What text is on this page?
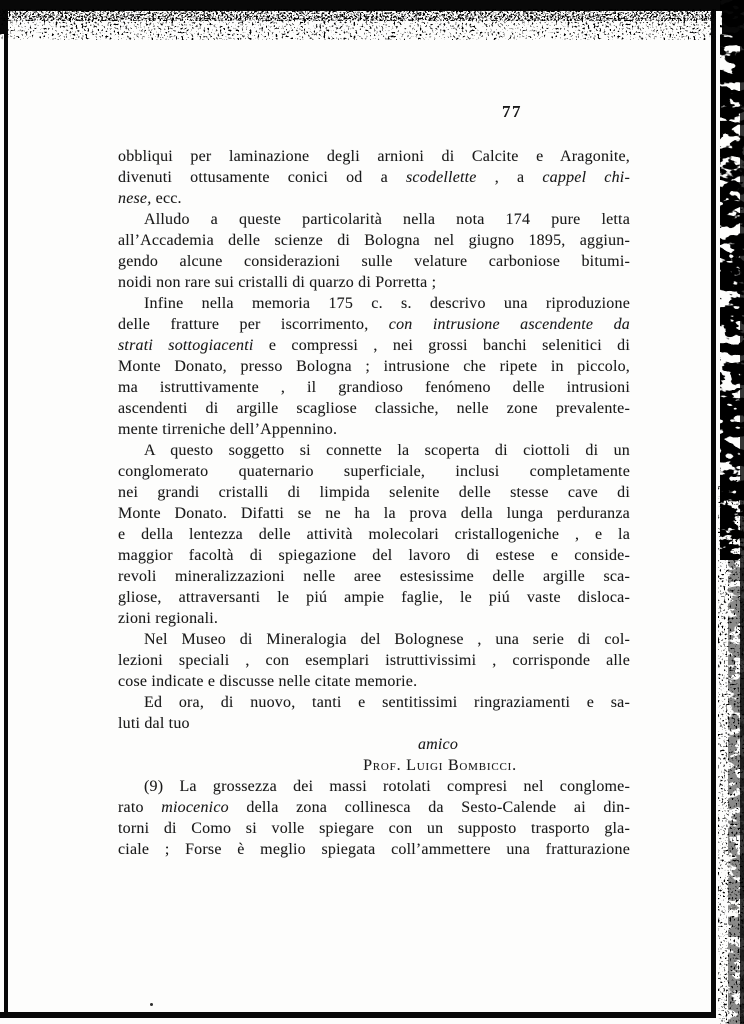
77
obbliqui per laminazione degli arnioni di Calcite e Aragonite,
divenuti ottusamente conici od a scodellette , a cappel chi-
nese, ecc.
Alludo a queste particolarità nella nota 174 pure letta
all’Accademia delle scienze di Bologna nel giugno 1895, aggiun-
gendo alcune considerazioni sulle velature carboniose bitumi-
noidi non rare sui cristalli di quarzo di Porretta ;
Infine nella memoria 175 c. s. descrivo una riproduzione
delle fratture per iscorrimento, con intrusione ascendente da
strati sottogiacenti e compressi , nei grossi banchi selenitici di
Monte Donato, presso Bologna ; intrusione che ripete in piccolo,
ma istruttivamente , il grandioso fenómeno delle intrusioni
ascendenti di argille scagliose classiche, nelle zone prevalente-
mente tirreniche dell’Appennino.
A questo soggetto si connette la scoperta di ciottoli di un
conglomerato quaternario superficiale, inclusi completamente
nei grandi cristalli di limpida selenite delle stesse cave di
Monte Donato. Difatti se ne ha la prova della lunga perduranza
e della lentezza delle attività molecolari cristallogeniche , e la
maggior facoltà di spiegazione del lavoro di estese e conside-
revoli mineralizzazioni nelle aree estesissime delle argille sca-
gliose, attraversanti le piú ampie faglie, le piú vaste disloca-
zioni regionali.
Nel Museo di Mineralogia del Bolognese , una serie di col-
lezioni speciali , con esemplari istruttivissimi , corrisponde alle
cose indicate e discusse nelle citate memorie.
Ed ora, di nuovo, tanti e sentitissimi ringraziamenti e sa-
luti dal tuo
amico
Prof. Luigi Bombicci.
(9) La grossezza dei massi rotolati compresi nel conglome-
rato miocenico della zona collinesca da Sesto-Calende ai din-
torni di Como si volle spiegare con un supposto trasporto gla-
ciale ; Forse è meglio spiegata coll’ammettere una fratturazione
